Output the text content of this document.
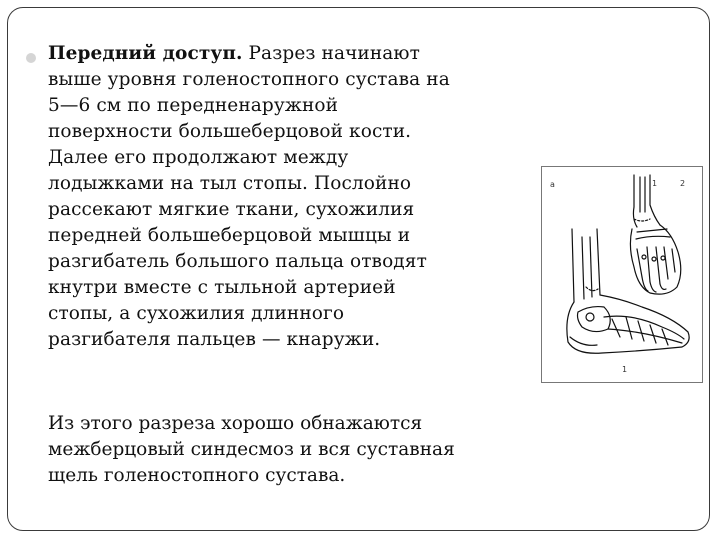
Передний доступ. Разрез начинают
выше уровня голеностопного сустава на
5—6 см по передненаружной
поверхности большеберцовой кости.
Далее его продолжают между
лодыжками на тыл стопы. Послойно
рассекают мягкие ткани, сухожилия
передней большеберцовой мышцы и
разгибатель большого пальца отводят
кнутри вместе с тыльной артерией
стопы, а сухожилия длинного
разгибателя пальцев — кнаружи.
Из этого разреза хорошо обнажаются
межберцовый синдесмоз и вся суставная
щель голеностопного сустава.
а	1	2
1
